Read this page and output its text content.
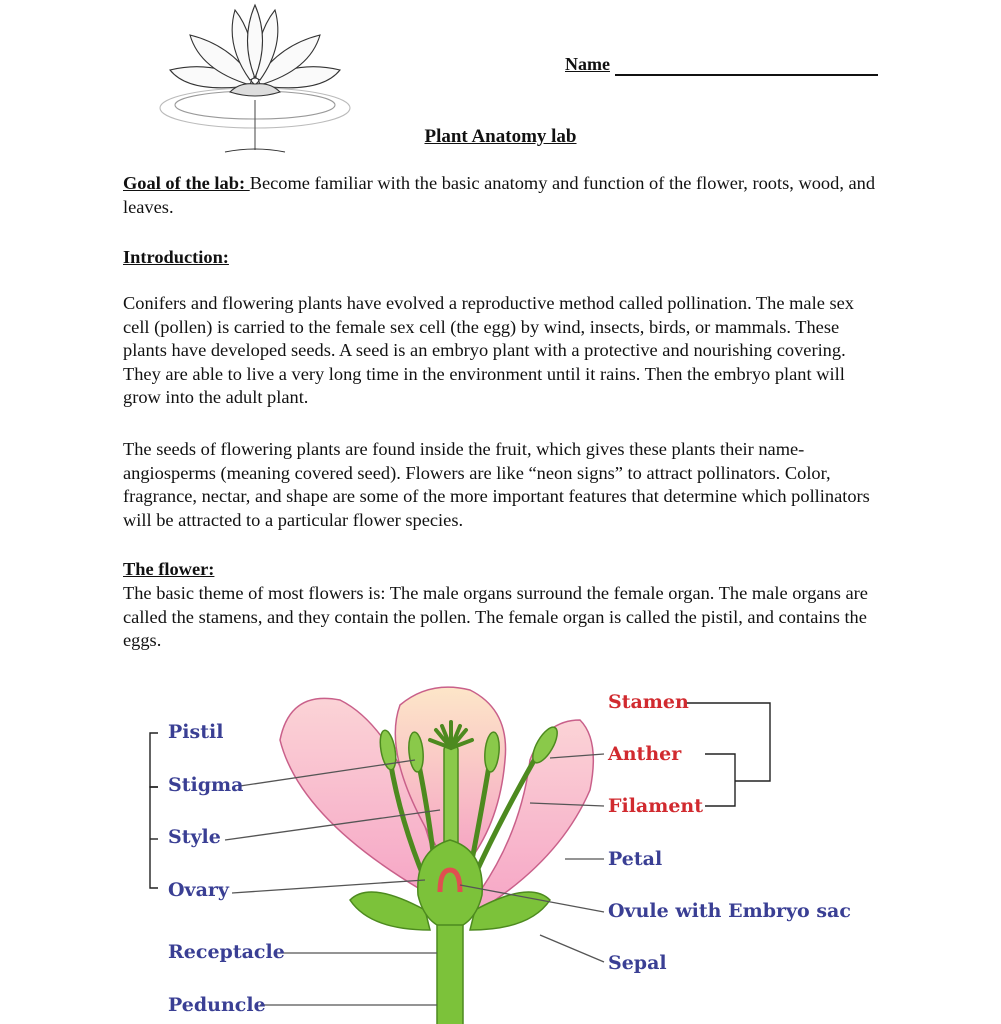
Name
Plant Anatomy lab

Goal of the lab: Become familiar with the basic anatomy and function of the flower, roots, wood, and leaves.

Introduction:

Conifers and flowering plants have evolved a reproductive method called pollination. The male sex cell (pollen) is carried to the female sex cell (the egg) by wind, insects, birds, or mammals. These plants have developed seeds. A seed is an embryo plant with a protective and nourishing covering. They are able to live a very long time in the environment until it rains. Then the embryo plant will grow into the adult plant.

The seeds of flowering plants are found inside the fruit, which gives these plants their name- angiosperms (meaning covered seed). Flowers are like “neon signs” to attract pollinators. Color, fragrance, nectar, and shape are some of the more important features that determine which pollinators will be attracted to a particular flower species.

The flower:

The basic theme of most flowers is: The male organs surround the female organ. The male organs are called the stamens, and they contain the pollen. The female organ is called the pistil, and contains the eggs.

Pistil
Stigma
Style
Ovary
Receptacle
Peduncle
Stamen
Anther
Filament
Petal
Ovule with Embryo sac
Sepal
